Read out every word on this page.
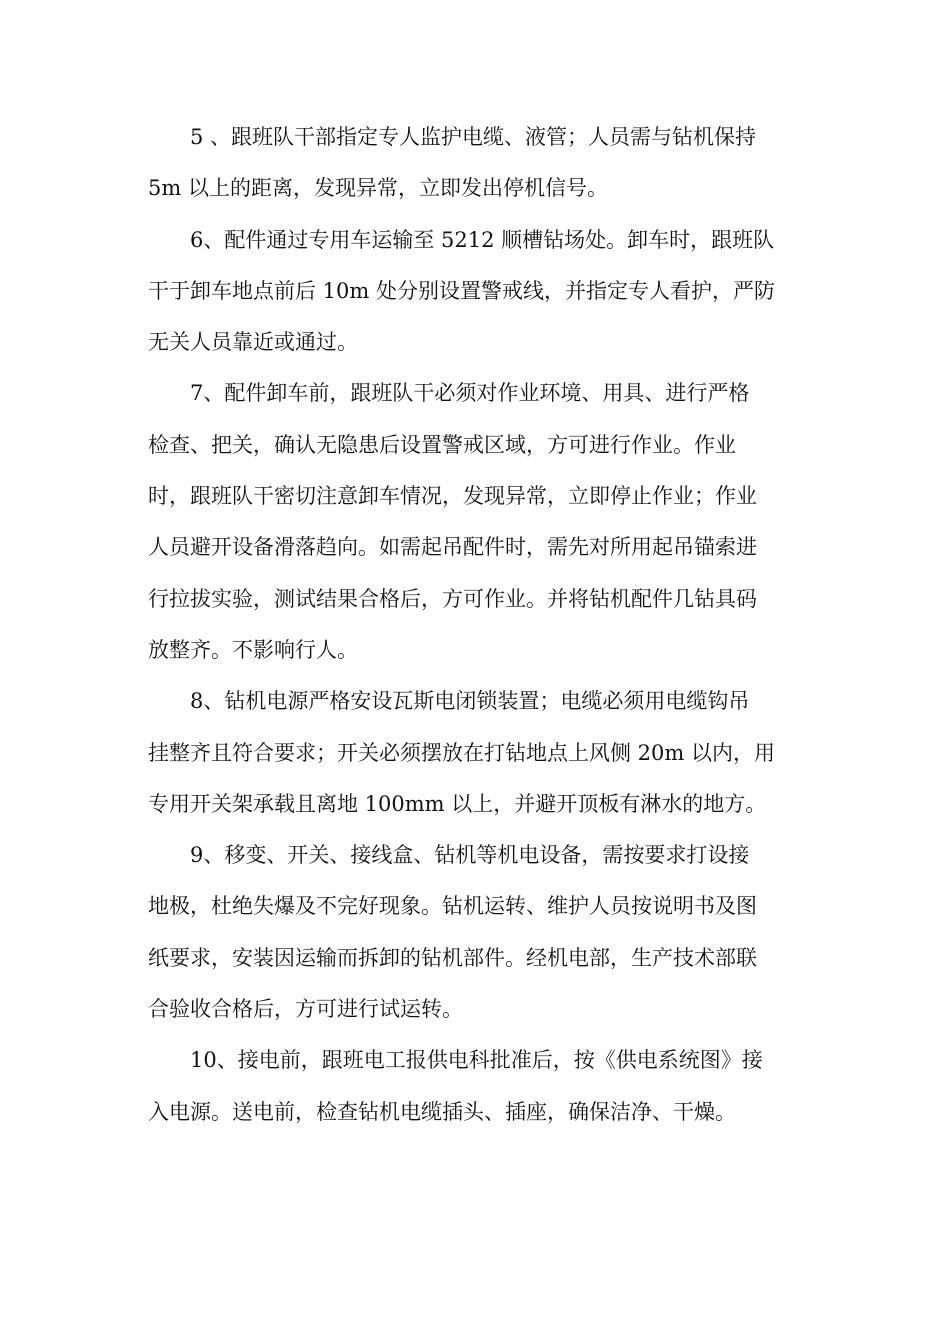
5 、跟班队干部指定专人监护电缆、液管；人员需与钻机保持
5m 以上的距离，发现异常，立即发出停机信号。
6、配件通过专用车运输至 5212 顺槽钻场处。卸车时，跟班队
干于卸车地点前后 10m 处分别设置警戒线，并指定专人看护，严防
无关人员靠近或通过。
7、配件卸车前，跟班队干必须对作业环境、用具、进行严格
检查、把关，确认无隐患后设置警戒区域，方可进行作业。作业
时，跟班队干密切注意卸车情况，发现异常，立即停止作业；作业
人员避开设备滑落趋向。如需起吊配件时，需先对所用起吊锚索进
行拉拔实验，测试结果合格后，方可作业。并将钻机配件几钻具码
放整齐。不影响行人。
8、钻机电源严格安设瓦斯电闭锁装置；电缆必须用电缆钩吊
挂整齐且符合要求；开关必须摆放在打钻地点上风侧 20m 以内，用
专用开关架承载且离地 100mm 以上，并避开顶板有淋水的地方。
9、移变、开关、接线盒、钻机等机电设备，需按要求打设接
地极，杜绝失爆及不完好现象。钻机运转、维护人员按说明书及图
纸要求，安装因运输而拆卸的钻机部件。经机电部，生产技术部联
合验收合格后，方可进行试运转。
10、接电前，跟班电工报供电科批准后，按《供电系统图》接
入电源。送电前，检查钻机电缆插头、插座，确保洁净、干燥。
